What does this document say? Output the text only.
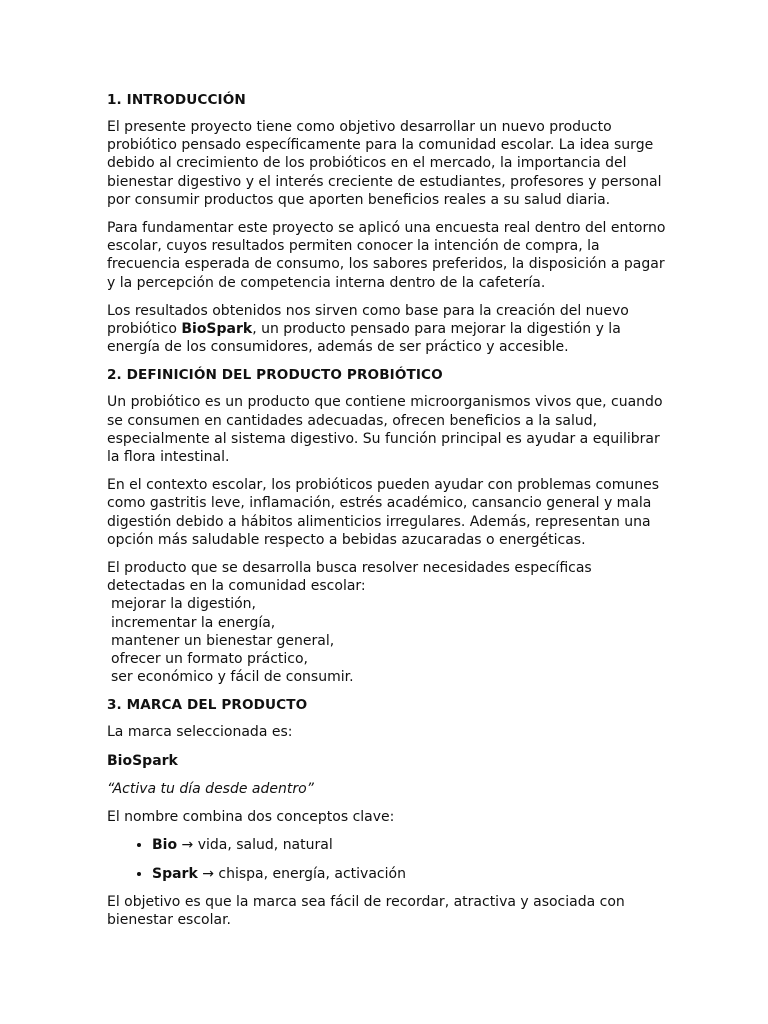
1. INTRODUCCIÓN

El presente proyecto tiene como objetivo desarrollar un nuevo producto probiótico pensado específicamente para la comunidad escolar. La idea surge debido al crecimiento de los probióticos en el mercado, la importancia del bienestar digestivo y el interés creciente de estudiantes, profesores y personal por consumir productos que aporten beneficios reales a su salud diaria.

Para fundamentar este proyecto se aplicó una encuesta real dentro del entorno escolar, cuyos resultados permiten conocer la intención de compra, la frecuencia esperada de consumo, los sabores preferidos, la disposición a pagar y la percepción de competencia interna dentro de la cafetería.

Los resultados obtenidos nos sirven como base para la creación del nuevo probiótico BioSpark, un producto pensado para mejorar la digestión y la energía de los consumidores, además de ser práctico y accesible.

2. DEFINICIÓN DEL PRODUCTO PROBIÓTICO

Un probiótico es un producto que contiene microorganismos vivos que, cuando se consumen en cantidades adecuadas, ofrecen beneficios a la salud, especialmente al sistema digestivo. Su función principal es ayudar a equilibrar la flora intestinal.

En el contexto escolar, los probióticos pueden ayudar con problemas comunes como gastritis leve, inflamación, estrés académico, cansancio general y mala digestión debido a hábitos alimenticios irregulares. Además, representan una opción más saludable respecto a bebidas azucaradas o energéticas.

El producto que se desarrolla busca resolver necesidades específicas detectadas en la comunidad escolar:

mejorar la digestión,
incrementar la energía,
mantener un bienestar general,
ofrecer un formato práctico,
ser económico y fácil de consumir.
3. MARCA DEL PRODUCTO

La marca seleccionada es:

BioSpark

“Activa tu día desde adentro”

El nombre combina dos conceptos clave:

• Bio → vida, salud, natural
• Spark → chispa, energía, activación

El objetivo es que la marca sea fácil de recordar, atractiva y asociada con bienestar escolar.
